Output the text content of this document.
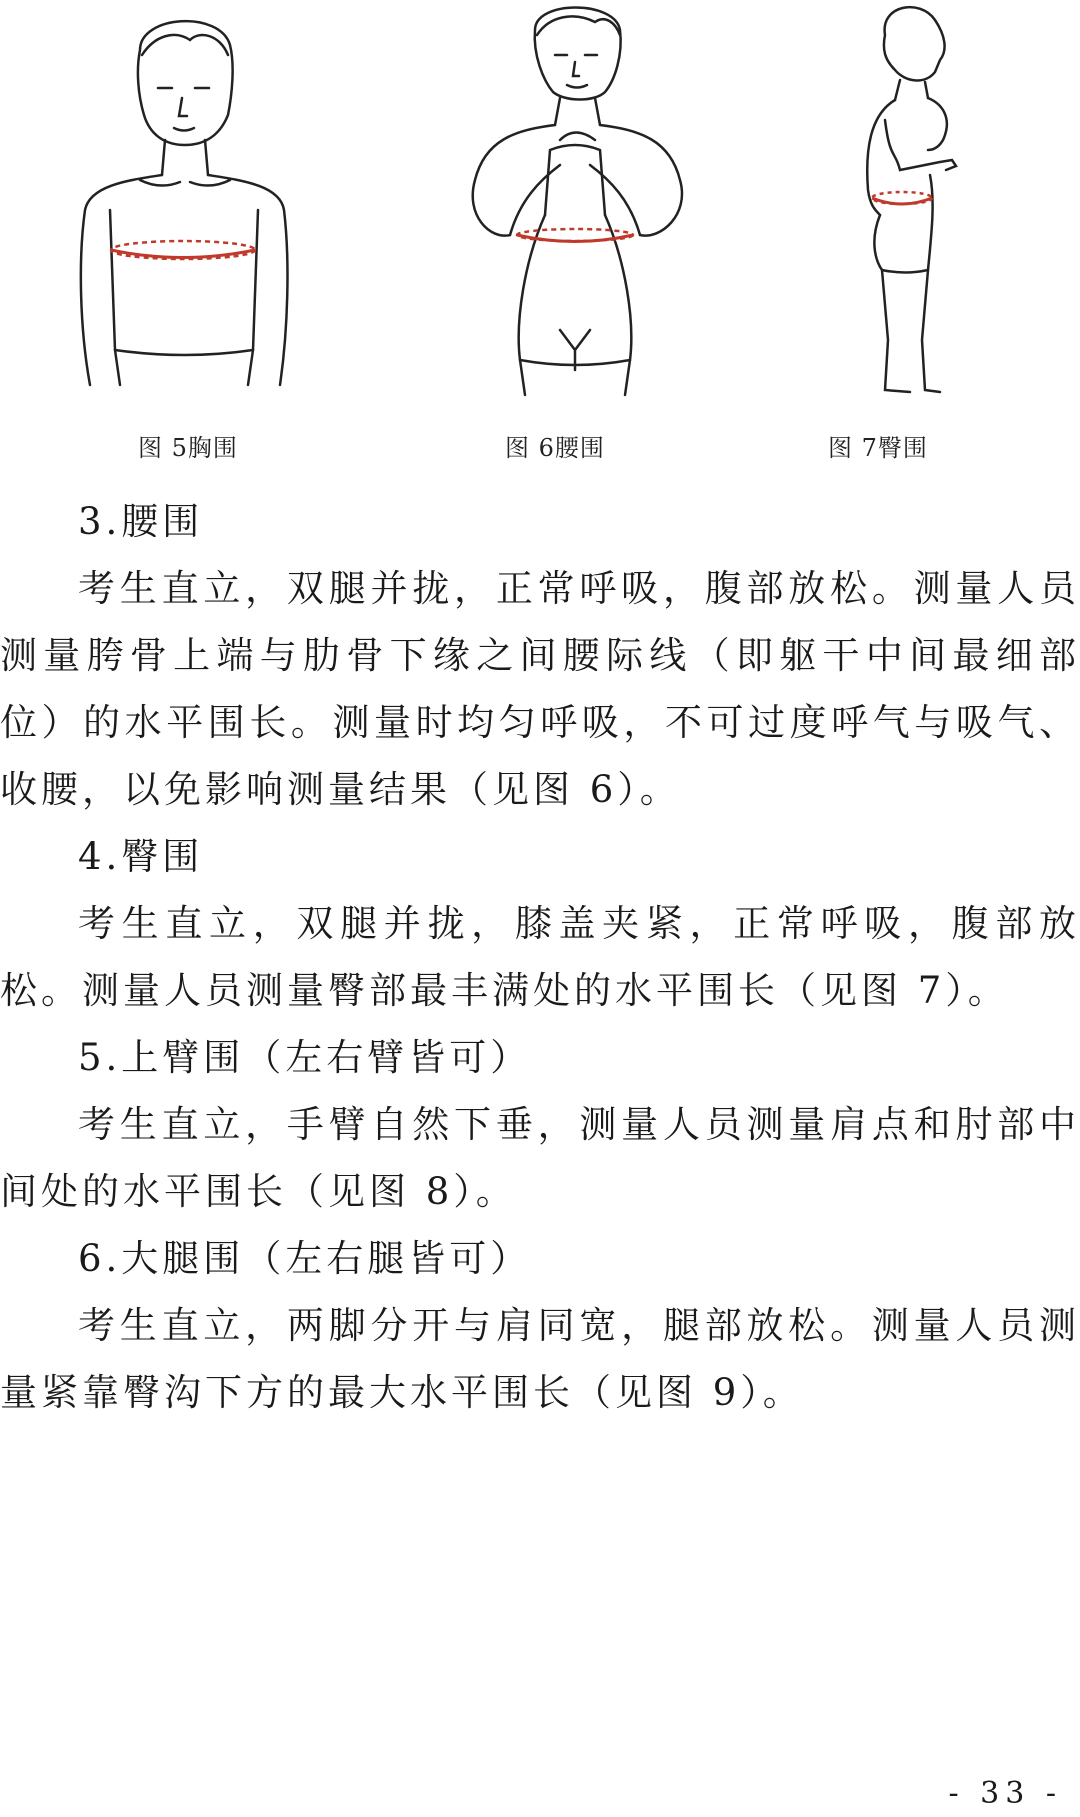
图 5胸围	图 6腰围	图 7臀围

3.腰围

考生直立，双腿并拢，正常呼吸，腹部放松。测量人员测量胯骨上端与肋骨下缘之间腰际线（即躯干中间最细部位）的水平围长。测量时均匀呼吸，不可过度呼气与吸气、收腰，以免影响测量结果（见图 6）。

4.臀围

考生直立，双腿并拢，膝盖夹紧，正常呼吸，腹部放松。测量人员测量臀部最丰满处的水平围长（见图 7）。

5.上臂围（左右臂皆可）

考生直立，手臂自然下垂，测量人员测量肩点和肘部中间处的水平围长（见图 8）。

6.大腿围（左右腿皆可）

考生直立，两脚分开与肩同宽，腿部放松。测量人员测量紧靠臀沟下方的最大水平围长（见图 9）。

- 33 -
